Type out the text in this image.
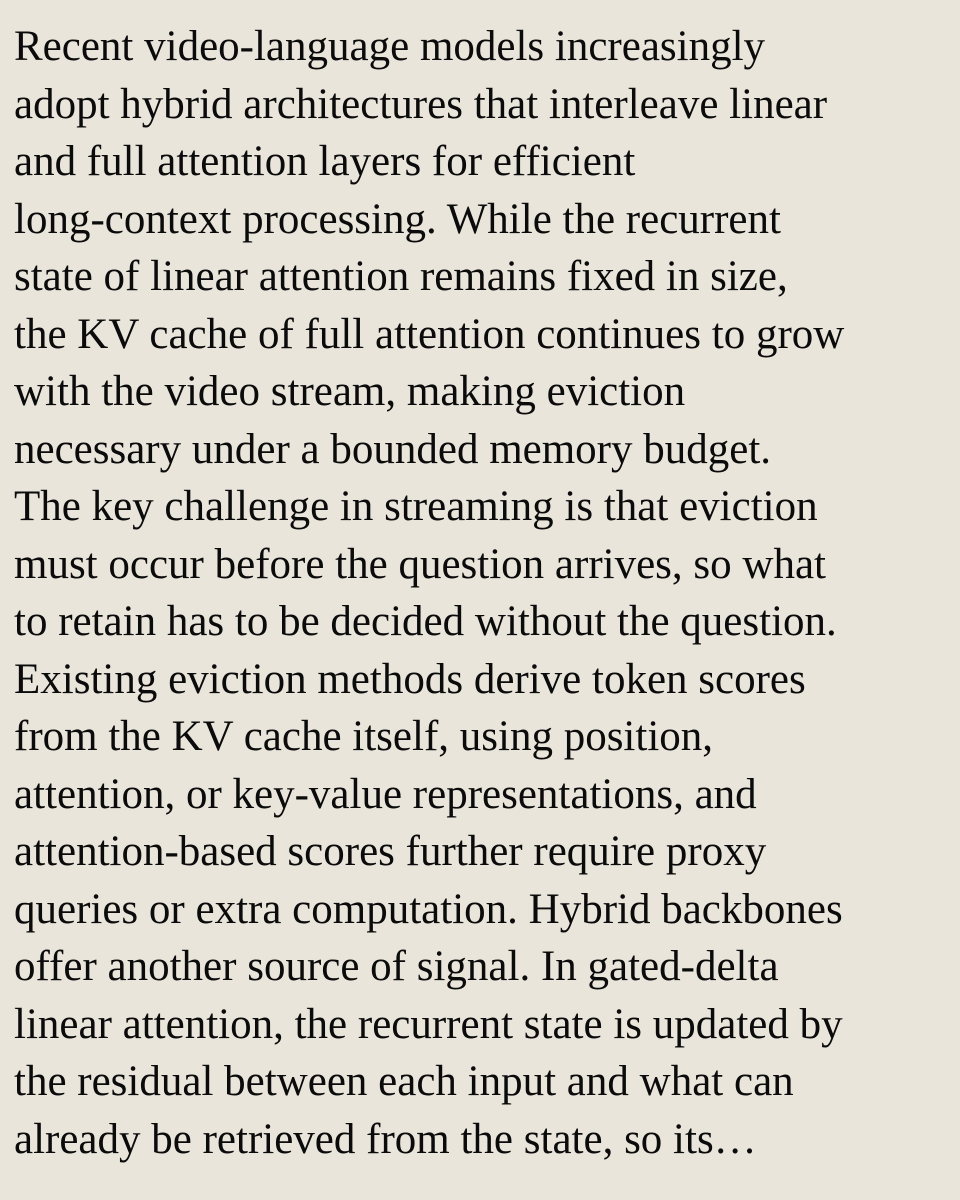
Recent video-language models increasingly
adopt hybrid architectures that interleave linear
and full attention layers for efficient
long-context processing. While the recurrent
state of linear attention remains fixed in size,
the KV cache of full attention continues to grow
with the video stream, making eviction
necessary under a bounded memory budget.
The key challenge in streaming is that eviction
must occur before the question arrives, so what
to retain has to be decided without the question.
Existing eviction methods derive token scores
from the KV cache itself, using position,
attention, or key-value representations, and
attention-based scores further require proxy
queries or extra computation. Hybrid backbones
offer another source of signal. In gated-delta
linear attention, the recurrent state is updated by
the residual between each input and what can
already be retrieved from the state, so its…
